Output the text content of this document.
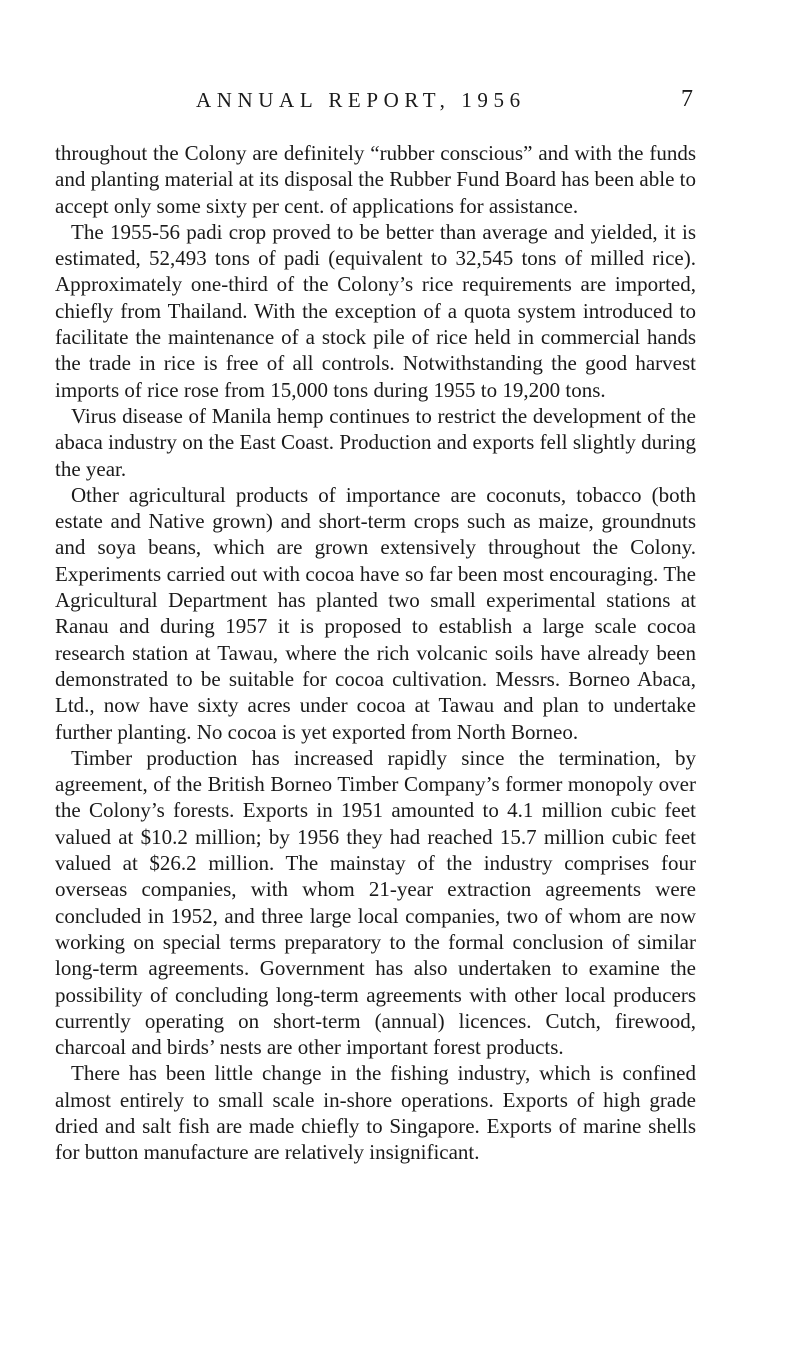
ANNUAL REPORT, 1956	7

throughout the Colony are definitely “rubber conscious” and with the funds and planting material at its disposal the Rubber Fund Board has been able to accept only some sixty per cent. of applications for assistance.

The 1955-56 padi crop proved to be better than average and yielded, it is estimated, 52,493 tons of padi (equivalent to 32,545 tons of milled rice). Approximately one-third of the Colony’s rice requirements are imported, chiefly from Thailand. With the exception of a quota system introduced to facilitate the maintenance of a stock pile of rice held in commercial hands the trade in rice is free of all controls. Notwithstanding the good harvest imports of rice rose from 15,000 tons during 1955 to 19,200 tons.

Virus disease of Manila hemp continues to restrict the development of the abaca industry on the East Coast. Production and exports fell slightly during the year.

Other agricultural products of importance are coconuts, tobacco (both estate and Native grown) and short-term crops such as maize, groundnuts and soya beans, which are grown extensively throughout the Colony. Experiments carried out with cocoa have so far been most encouraging. The Agricultural Department has planted two small experimental stations at Ranau and during 1957 it is proposed to establish a large scale cocoa research station at Tawau, where the rich volcanic soils have already been demonstrated to be suitable for cocoa cultivation. Messrs. Borneo Abaca, Ltd., now have sixty acres under cocoa at Tawau and plan to undertake further planting. No cocoa is yet exported from North Borneo.

Timber production has increased rapidly since the termination, by agreement, of the British Borneo Timber Company’s former monopoly over the Colony’s forests. Exports in 1951 amounted to 4.1 million cubic feet valued at $10.2 million; by 1956 they had reached 15.7 million cubic feet valued at $26.2 million. The mainstay of the industry comprises four overseas companies, with whom 21-year extraction agreements were concluded in 1952, and three large local companies, two of whom are now working on special terms preparatory to the formal conclusion of similar long-term agreements. Government has also undertaken to examine the possibility of concluding long-term agreements with other local producers currently operating on short-term (annual) licences. Cutch, firewood, charcoal and birds’ nests are other important forest products.

There has been little change in the fishing industry, which is confined almost entirely to small scale in-shore operations. Exports of high grade dried and salt fish are made chiefly to Singapore. Exports of marine shells for button manufacture are relatively insignificant.
